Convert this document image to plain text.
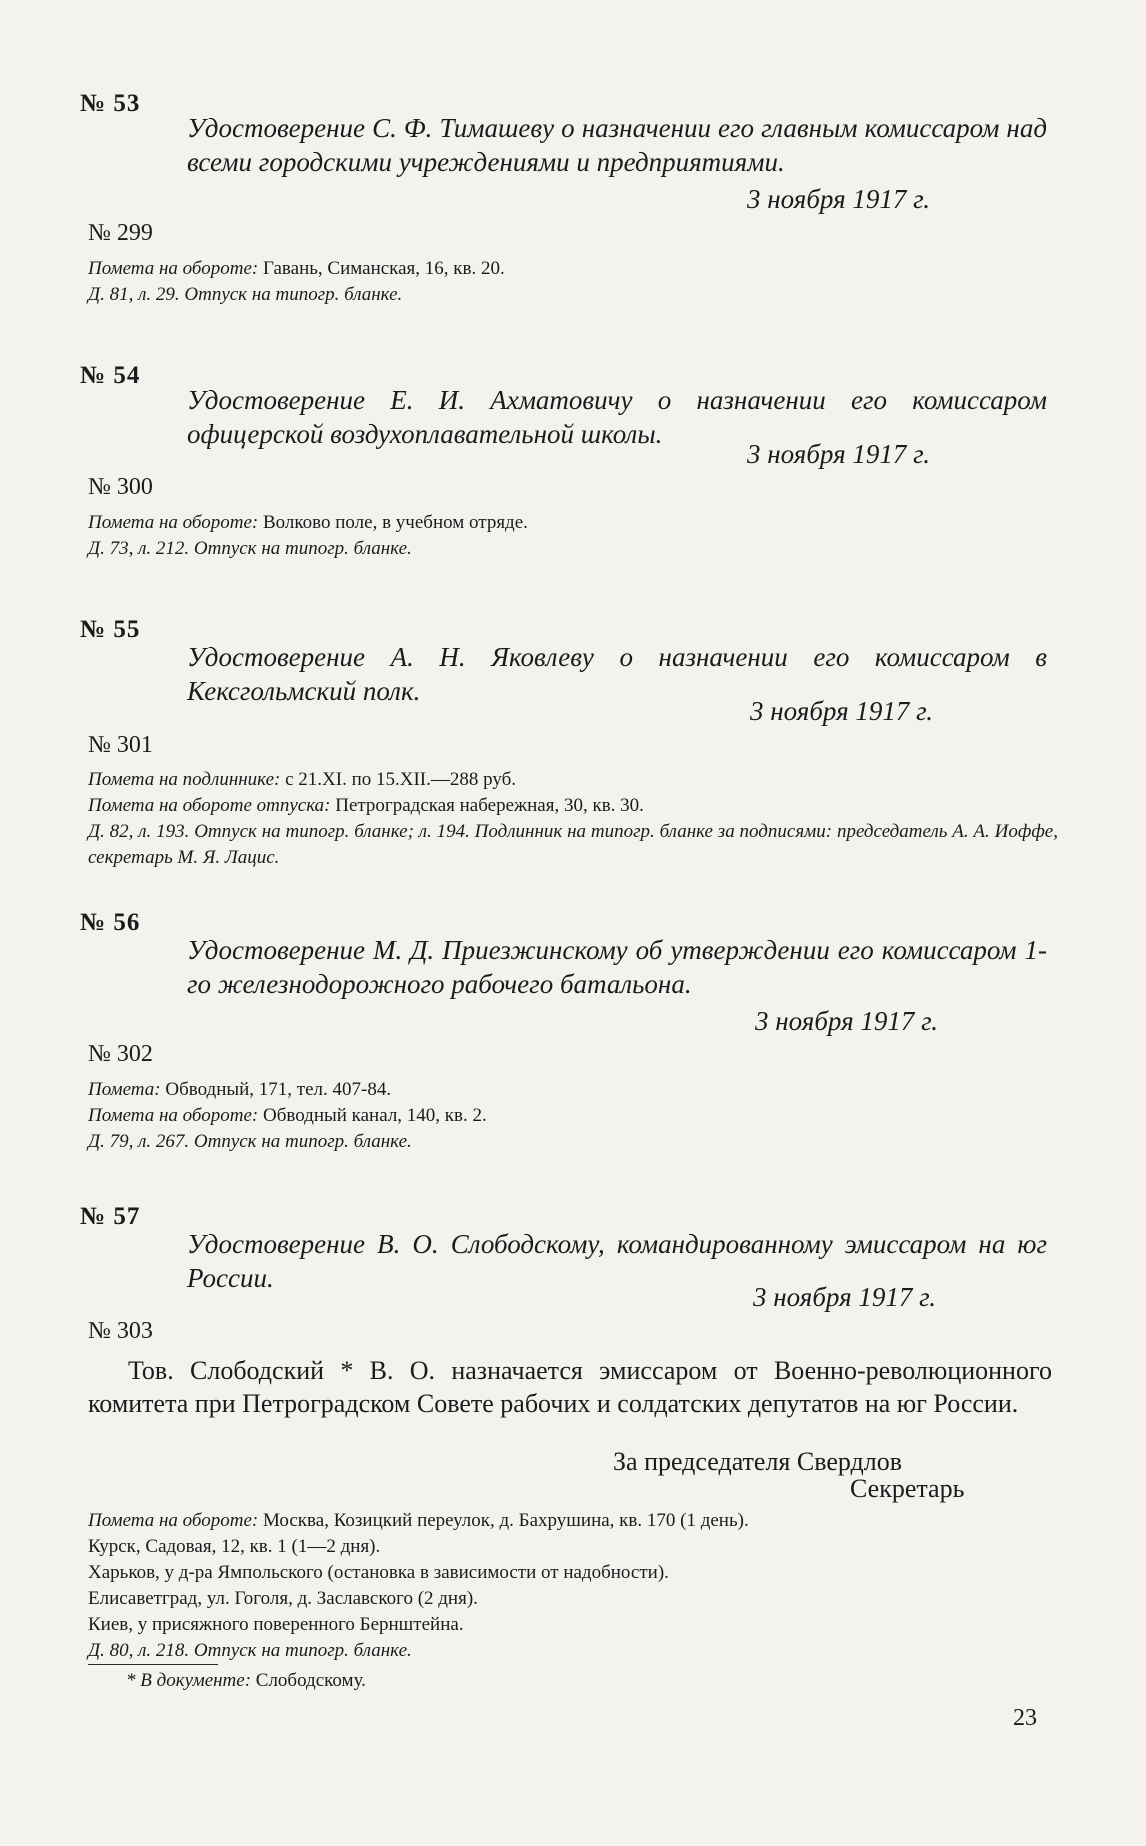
№ 53
Удостоверение С. Ф. Тимашеву о назначении его главным комиссаром над всеми городскими учреждениями и предприятиями.
3 ноября 1917 г.
№ 299
Помета на обороте: Гавань, Симанская, 16, кв. 20.
Д. 81, л. 29. Отпуск на типогр. бланке.
№ 54
Удостоверение Е. И. Ахматовичу о назначении его комиссаром офицерской воздухоплавательной школы.
3 ноября 1917 г.
№ 300
Помета на обороте: Волково поле, в учебном отряде.
Д. 73, л. 212. Отпуск на типогр. бланке.
№ 55
Удостоверение А. Н. Яковлеву о назначении его комиссаром в Кексгольмский полк.
3 ноября 1917 г.
№ 301
Помета на подлиннике: с 21.XI. по 15.XII.—288 руб.
Помета на обороте отпуска: Петроградская набережная, 30, кв. 30.
Д. 82, л. 193. Отпуск на типогр. бланке; л. 194. Подлинник на типогр. бланке за подписями: председатель А. А. Иоффе, секретарь М. Я. Лацис.
№ 56
Удостоверение М. Д. Приезжинскому об утверждении его комиссаром 1-го железнодорожного рабочего батальона.
3 ноября 1917 г.
№ 302
Помета: Обводный, 171, тел. 407-84.
Помета на обороте: Обводный канал, 140, кв. 2.
Д. 79, л. 267. Отпуск на типогр. бланке.
№ 57
Удостоверение В. О. Слободскому, командированному эмиссаром на юг России.
3 ноября 1917 г.
№ 303
Тов. Слободский * В. О. назначается эмиссаром от Военно-революционного комитета при Петроградском Совете рабочих и солдатских депутатов на юг России.
За председателя Свердлов
Секретарь
Помета на обороте: Москва, Козицкий переулок, д. Бахрушина, кв. 170 (1 день).
Курск, Садовая, 12, кв. 1 (1—2 дня).
Харьков, у д-ра Ямпольского (остановка в зависимости от надобности).
Елисаветград, ул. Гоголя, д. Заславского (2 дня).
Киев, у присяжного поверенного Бернштейна.
Д. 80, л. 218. Отпуск на типогр. бланке.
* В документе: Слободскому.
23
